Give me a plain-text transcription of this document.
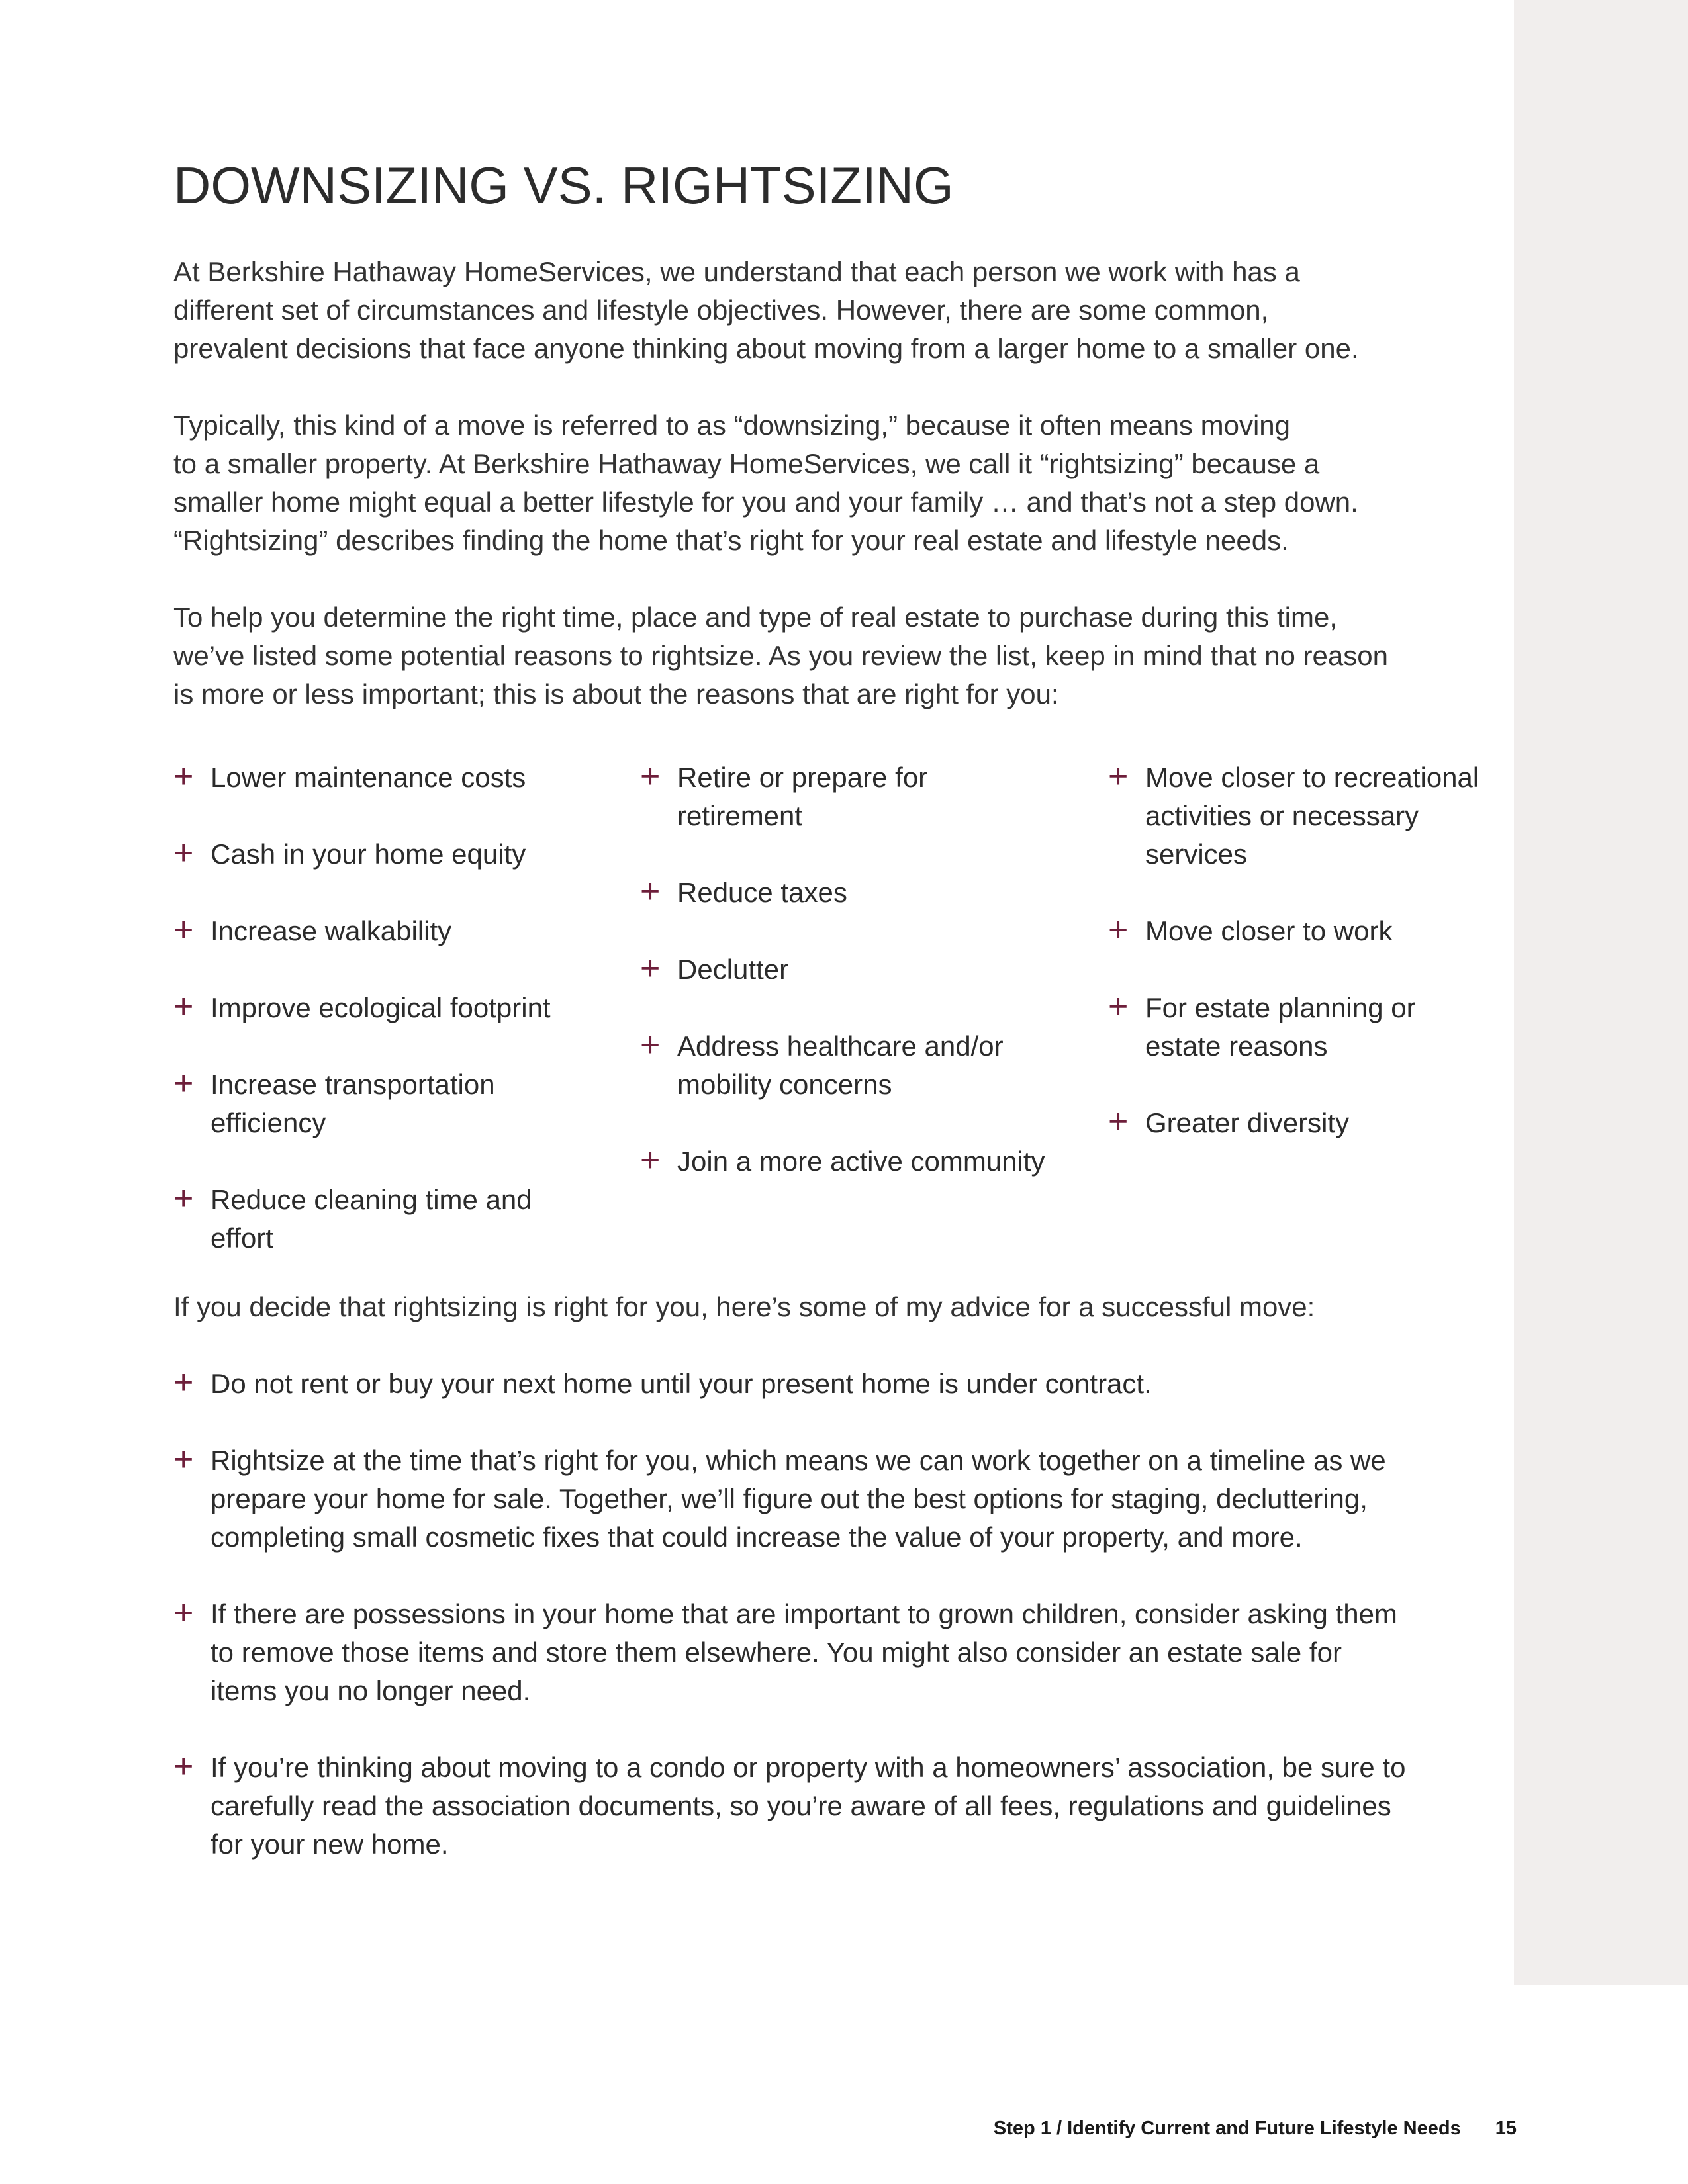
DOWNSIZING VS. RIGHTSIZING

At Berkshire Hathaway HomeServices, we understand that each person we work with has a
different set of circumstances and lifestyle objectives. However, there are some common,
prevalent decisions that face anyone thinking about moving from a larger home to a smaller one.

Typically, this kind of a move is referred to as “downsizing,” because it often means moving
to a smaller property. At Berkshire Hathaway HomeServices, we call it “rightsizing” because a
smaller home might equal a better lifestyle for you and your family … and that’s not a step down.
“Rightsizing” describes finding the home that’s right for your real estate and lifestyle needs.

To help you determine the right time, place and type of real estate to purchase during this time,
we’ve listed some potential reasons to rightsize. As you review the list, keep in mind that no reason
is more or less important; this is about the reasons that are right for you:

+ Lower maintenance costs
+ Cash in your home equity
+ Increase walkability
+ Improve ecological footprint
+ Increase transportation
efficiency
+ Reduce cleaning time and
effort
+ Retire or prepare for
retirement
+ Reduce taxes
+ Declutter
+ Address healthcare and/or
mobility concerns
+ Join a more active community
+ Move closer to recreational
activities or necessary
services
+ Move closer to work
+ For estate planning or
estate reasons
+ Greater diversity

If you decide that rightsizing is right for you, here’s some of my advice for a successful move:

+ Do not rent or buy your next home until your present home is under contract.
+ Rightsize at the time that’s right for you, which means we can work together on a timeline as we
prepare your home for sale. Together, we’ll figure out the best options for staging, decluttering,
completing small cosmetic fixes that could increase the value of your property, and more.
+ If there are possessions in your home that are important to grown children, consider asking them
to remove those items and store them elsewhere. You might also consider an estate sale for
items you no longer need.
+ If you’re thinking about moving to a condo or property with a homeowners’ association, be sure to
carefully read the association documents, so you’re aware of all fees, regulations and guidelines
for your new home.
Step 1 / Identify Current and Future Lifestyle Needs 15
